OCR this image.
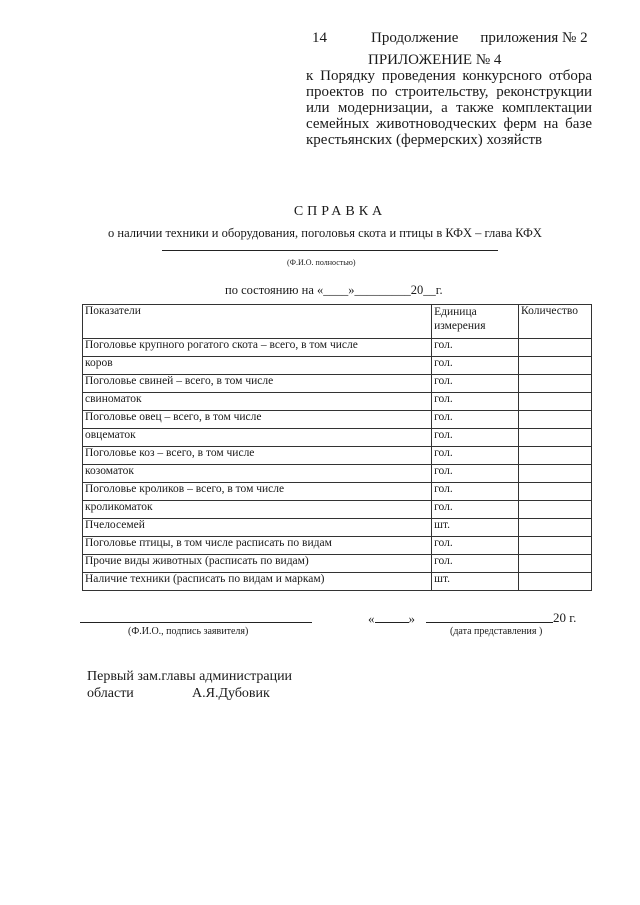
14	Продолжение приложения № 2
ПРИЛОЖЕНИЕ № 4
к Порядку проведения конкурсного отбора проектов по строительству, реконструкции или модернизации, а также комплектации семейных животноводческих ферм на базе крестьянских (фермерских) хозяйств
СПРАВКА
о наличии техники и оборудования, поголовья скота и птицы в КФХ – глава КФХ
(Ф.И.О. полностью)
по состоянию на «____»_________20__г.
Показатели	Единица измерения	Количество
Поголовье крупного рогатого скота – всего, в том числе	гол.	
коров	гол.	
Поголовье свиней – всего, в том числе	гол.	
свиноматок	гол.	
Поголовье овец – всего, в том числе	гол.	
овцематок	гол.	
Поголовье коз – всего, в том числе	гол.	
козоматок	гол.	
Поголовье кроликов – всего, в том числе	гол.	
кроликоматок	гол.	
Пчелосемей	шт.	
Поголовье птицы, в том числе расписать по видам	гол.	
Прочие виды животных (расписать по видам)	гол.	
Наличие техники (расписать по видам и маркам)	шт.	
(Ф.И.О., подпись заявителя)
«	»	20 г.
(дата представления )
Первый зам.главы администрации
области	А.Я.Дубовик
